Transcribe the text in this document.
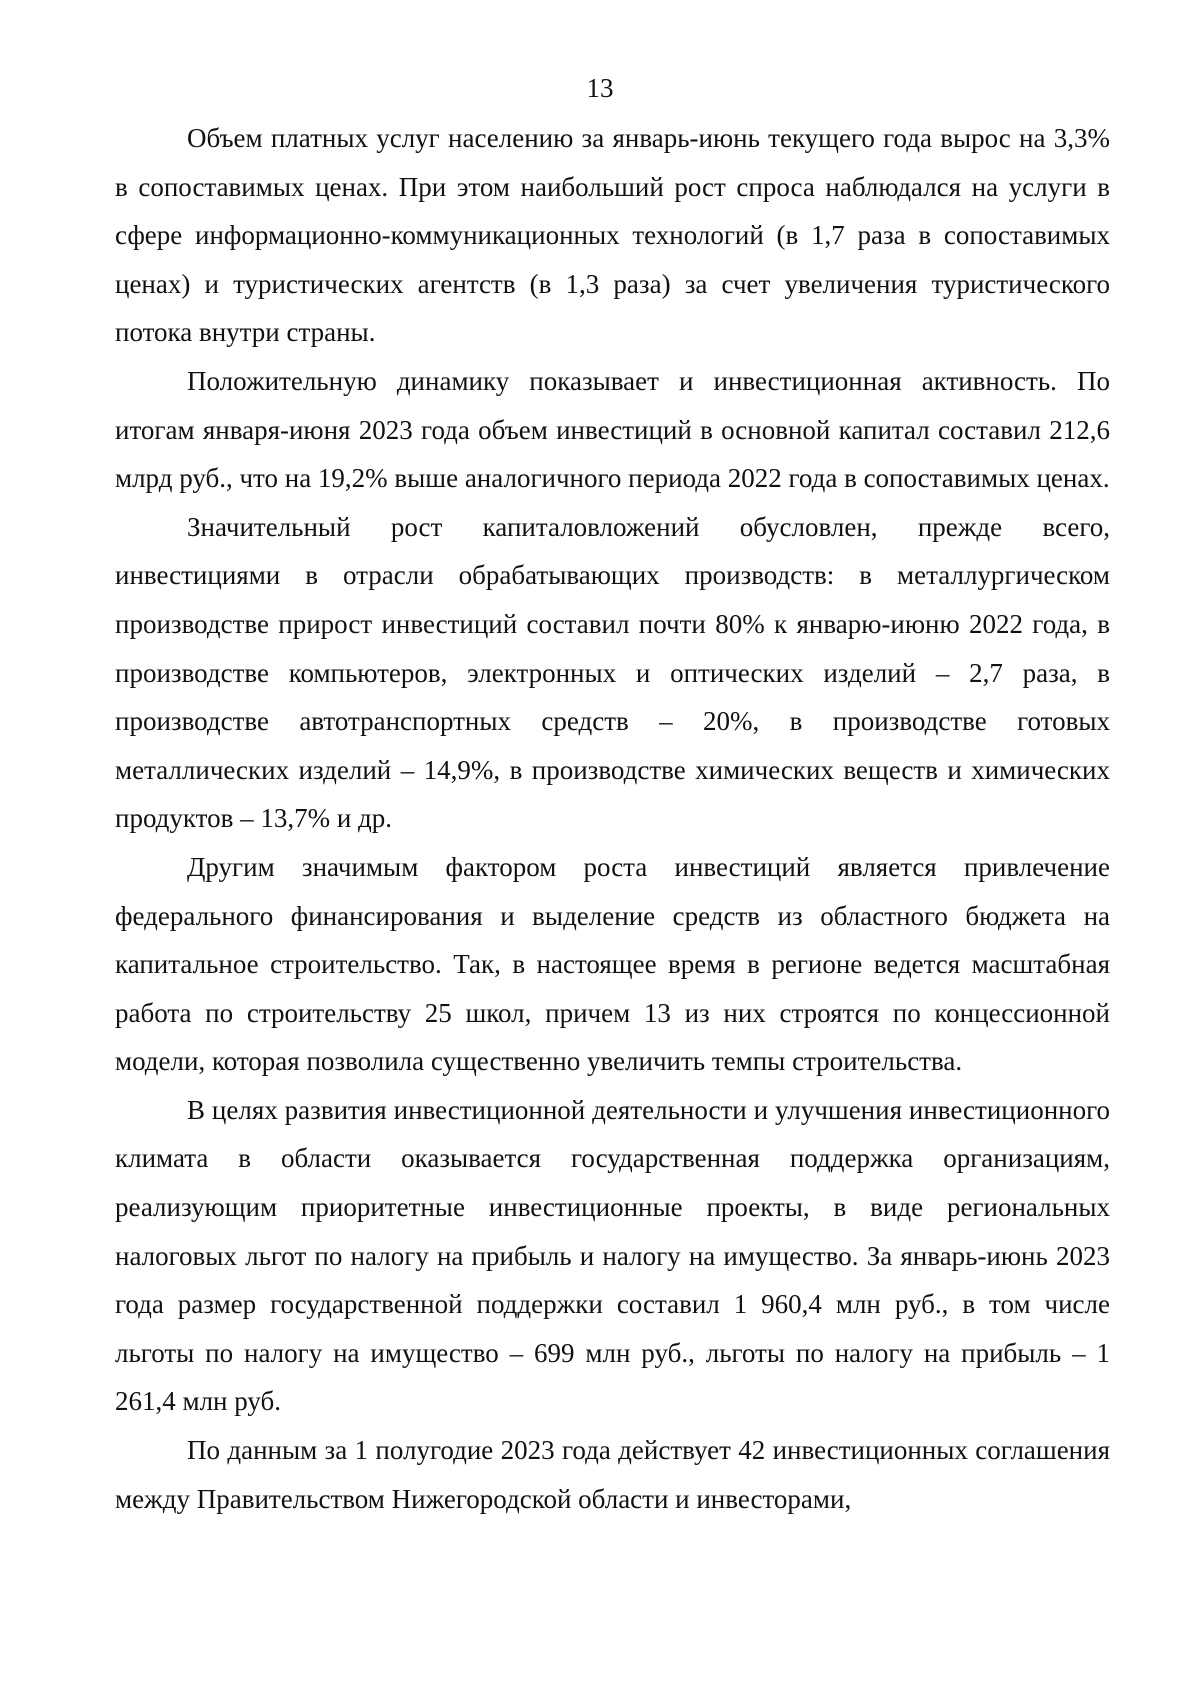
13

Объем платных услуг населению за январь-июнь текущего года вырос на 3,3% в сопоставимых ценах. При этом наибольший рост спроса наблюдался на услуги в сфере информационно-коммуникационных технологий (в 1,7 раза в сопоставимых ценах) и туристических агентств (в 1,3 раза) за счет увеличения туристического потока внутри страны.

Положительную динамику показывает и инвестиционная активность. По итогам января-июня 2023 года объем инвестиций в основной капитал составил 212,6 млрд руб., что на 19,2% выше аналогичного периода 2022 года в сопоставимых ценах.

Значительный рост капиталовложений обусловлен, прежде всего, инвестициями в отрасли обрабатывающих производств: в металлургическом производстве прирост инвестиций составил почти 80% к январю-июню 2022 года, в производстве компьютеров, электронных и оптических изделий – 2,7 раза, в производстве автотранспортных средств – 20%, в производстве готовых металлических изделий – 14,9%, в производстве химических веществ и химических продуктов – 13,7% и др.

Другим значимым фактором роста инвестиций является привлечение федерального финансирования и выделение средств из областного бюджета на капитальное строительство. Так, в настоящее время в регионе ведется масштабная работа по строительству 25 школ, причем 13 из них строятся по концессионной модели, которая позволила существенно увеличить темпы строительства.

В целях развития инвестиционной деятельности и улучшения инвестиционного климата в области оказывается государственная поддержка организациям, реализующим приоритетные инвестиционные проекты, в виде региональных налоговых льгот по налогу на прибыль и налогу на имущество. За январь-июнь 2023 года размер государственной поддержки составил 1 960,4 млн руб., в том числе льготы по налогу на имущество – 699 млн руб., льготы по налогу на прибыль – 1 261,4 млн руб.

По данным за 1 полугодие 2023 года действует 42 инвестиционных соглашения между Правительством Нижегородской области и инвесторами,
